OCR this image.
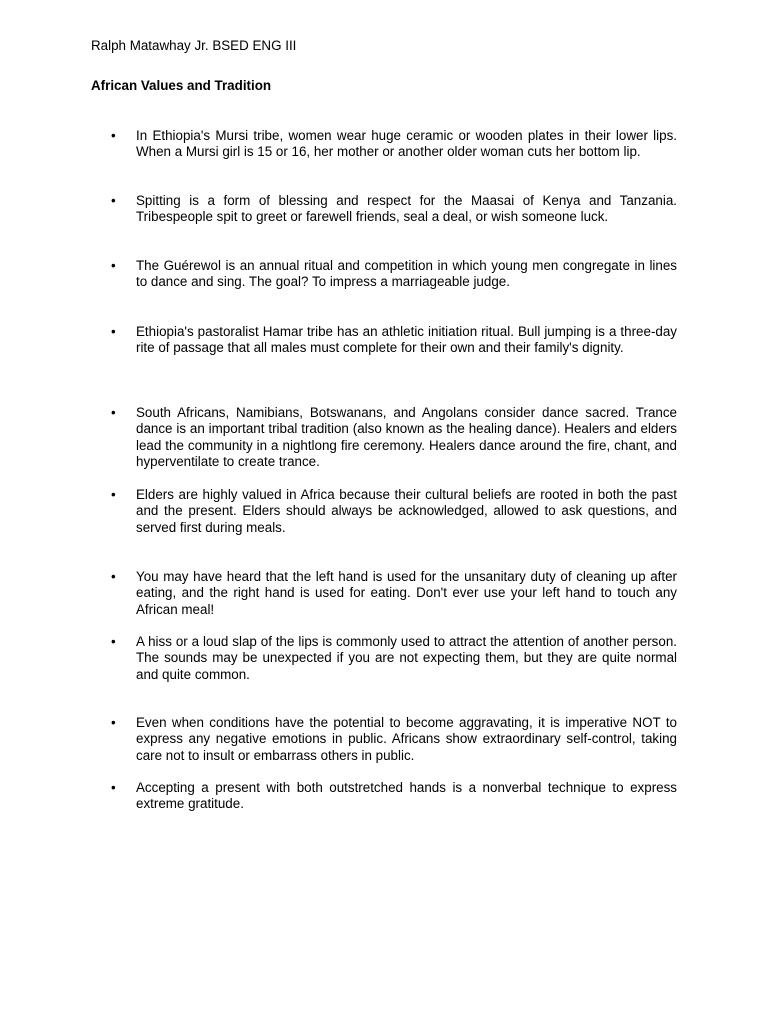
Ralph Matawhay Jr. BSED ENG III

African Values and Tradition
• In Ethiopia's Mursi tribe, women wear huge ceramic or wooden plates in their lower lips. When a Mursi girl is 15 or 16, her mother or another older woman cuts her bottom lip.

• Spitting is a form of blessing and respect for the Maasai of Kenya and Tanzania. Tribespeople spit to greet or farewell friends, seal a deal, or wish someone luck.

• The Guérewol is an annual ritual and competition in which young men congregate in lines to dance and sing. The goal? To impress a marriageable judge.

• Ethiopia's pastoralist Hamar tribe has an athletic initiation ritual. Bull jumping is a three-day rite of passage that all males must complete for their own and their family's dignity.

• South Africans, Namibians, Botswanans, and Angolans consider dance sacred. Trance dance is an important tribal tradition (also known as the healing dance). Healers and elders lead the community in a nightlong fire ceremony. Healers dance around the fire, chant, and hyperventilate to create trance.

• Elders are highly valued in Africa because their cultural beliefs are rooted in both the past and the present. Elders should always be acknowledged, allowed to ask questions, and served first during meals.

• You may have heard that the left hand is used for the unsanitary duty of cleaning up after eating, and the right hand is used for eating. Don't ever use your left hand to touch any African meal!

• A hiss or a loud slap of the lips is commonly used to attract the attention of another person. The sounds may be unexpected if you are not expecting them, but they are quite normal and quite common.

• Even when conditions have the potential to become aggravating, it is imperative NOT to express any negative emotions in public. Africans show extraordinary self-control, taking care not to insult or embarrass others in public.

• Accepting a present with both outstretched hands is a nonverbal technique to express extreme gratitude.
